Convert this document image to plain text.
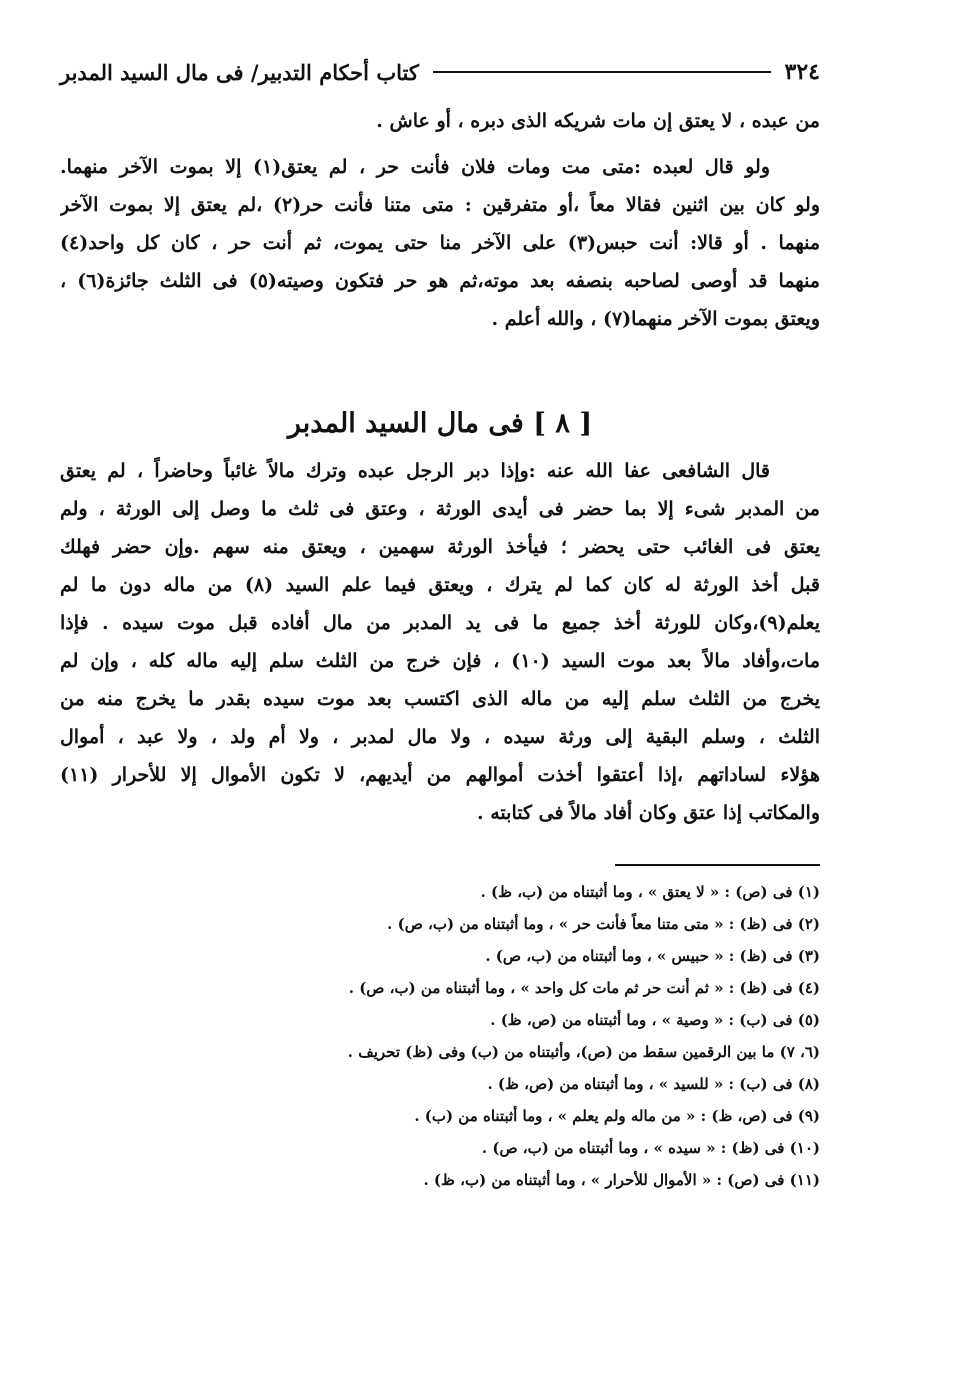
٣٢٤
كتاب أحكام التدبير/ فى مال السيد المدبر
من عبده ، لا يعتق إن مات شريكه الذى دبره ، أو عاش .
ولو قال لعبده :متى مت ومات فلان فأنت حر ، لم يعتق(١) إلا بموت الآخر منهما.
ولو كان بين اثنين فقالا معاً ،أو متفرقين : متى متنا فأنت حر(٢) ،لم يعتق إلا بموت الآخر
منهما . أو قالا: أنت حبس(٣) على الآخر منا حتى يموت، ثم أنت حر ، كان كل واحد(٤)
منهما قد أوصى لصاحبه بنصفه بعد موته،ثم هو حر فتكون وصيته(٥) فى الثلث جائزة(٦) ،
ويعتق بموت الآخر منهما(٧) ، والله أعلم .
[ ٨ ] فى مال السيد المدبر
قال الشافعى عفا الله عنه :وإذا دبر الرجل عبده وترك مالاً غائباً وحاضراً ، لم يعتق
من المدبر شىء إلا بما حضر فى أيدى الورثة ، وعتق فى ثلث ما وصل إلى الورثة ، ولم
يعتق فى الغائب حتى يحضر ؛ فيأخذ الورثة سهمين ، ويعتق منه سهم .وإن حضر فهلك
قبل أخذ الورثة له كان كما لم يترك ، ويعتق فيما علم السيد (٨) من ماله دون ما لم
يعلم(٩)،وكان للورثة أخذ جميع ما فى يد المدبر من مال أفاده قبل موت سيده . فإذا
مات،وأفاد مالاً بعد موت السيد (١٠) ، فإن خرج من الثلث سلم إليه ماله كله ، وإن لم
يخرج من الثلث سلم إليه من ماله الذى اكتسب بعد موت سيده بقدر ما يخرج منه من
الثلث ، وسلم البقية إلى ورثة سيده ، ولا مال لمدبر ، ولا أم ولد ، ولا عبد ، أموال
هؤلاء لساداتهم ،إذا أعتقوا أخذت أموالهم من أيديهم، لا تكون الأموال إلا للأحرار (١١)
والمكاتب إذا عتق وكان أفاد مالاً فى كتابته .
(١) فى (ص) : « لا يعتق » ، وما أثبتناه من (ب، ظ) .
(٢) فى (ظ) : « متى متنا معاً فأنت حر » ، وما أثبتناه من (ب، ص) .
(٣) فى (ظ) : « حبيس » ، وما أثبتناه من (ب، ص) .
(٤) فى (ظ) : « ثم أنت حر ثم مات كل واحد » ، وما أثبتناه من (ب، ص) .
(٥) فى (ب) : « وصية » ، وما أثبتناه من (ص، ظ) .
(٦، ٧) ما بين الرقمين سقط من (ص)، وأثبتناه من (ب) وفى (ظ) تحريف .
(٨) فى (ب) : « للسيد » ، وما أثبتناه من (ص، ظ) .
(٩) فى (ص، ظ) : « من ماله ولم يعلم » ، وما أثبتناه من (ب) .
(١٠) فى (ظ) : « سيده » ، وما أثبتناه من (ب، ص) .
(١١) فى (ص) : « الأموال للأحرار » ، وما أثبتناه من (ب، ظ) .
